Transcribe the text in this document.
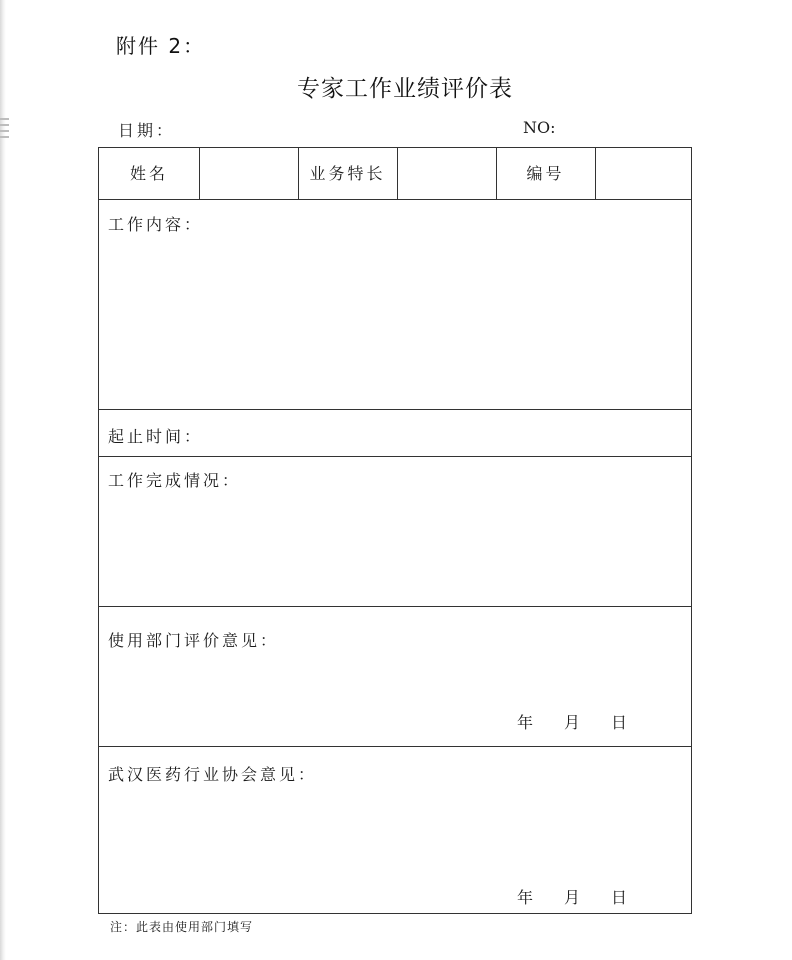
附件 2：
专家工作业绩评价表
日期：	NO:
姓名	业务特长	编号
工作内容：
起止时间：
工作完成情况：
使用部门评价意见：
年 月 日
武汉医药行业协会意见：
年 月 日
注：此表由使用部门填写
